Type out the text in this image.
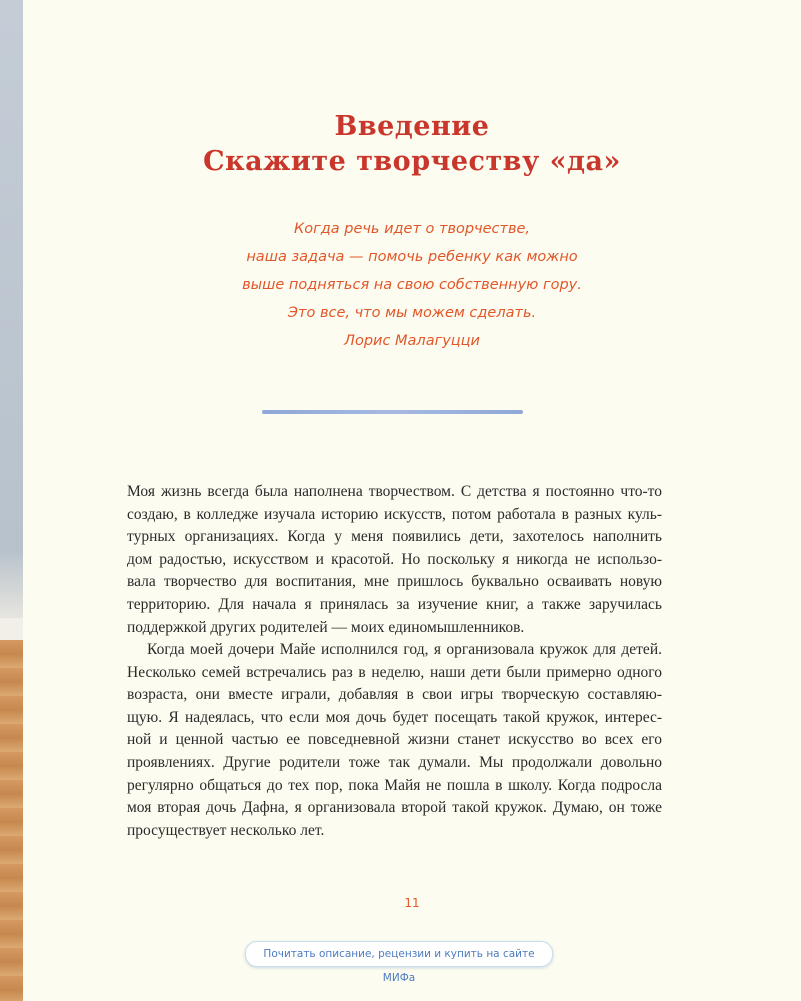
Введение
Скажите творчеству «да»
Когда речь идет о творчестве,
наша задача — помочь ребенку как можно
выше подняться на свою собственную гору.
Это все, что мы можем сделать.
Лорис Малагуцци
Моя жизнь всегда была наполнена творчеством. С детства я постоянно что-то
создаю, в колледже изучала историю искусств, потом работала в разных куль-
турных организациях. Когда у меня появились дети, захотелось наполнить
дом радостью, искусством и красотой. Но поскольку я никогда не использо-
вала творчество для воспитания, мне пришлось буквально осваивать новую
территорию. Для начала я принялась за изучение книг, а также заручилась
поддержкой других родителей — моих единомышленников.
Когда моей дочери Майе исполнился год, я организовала кружок для детей.
Несколько семей встречались раз в неделю, наши дети были примерно одного
возраста, они вместе играли, добавляя в свои игры творческую составляю-
щую. Я надеялась, что если моя дочь будет посещать такой кружок, интерес-
ной и ценной частью ее повседневной жизни станет искусство во всех его
проявлениях. Другие родители тоже так думали. Мы продолжали довольно
регулярно общаться до тех пор, пока Майя не пошла в школу. Когда подросла
моя вторая дочь Дафна, я организовала второй такой кружок. Думаю, он тоже
просуществует несколько лет.
11
Почитать описание, рецензии и купить на сайте МИФа
